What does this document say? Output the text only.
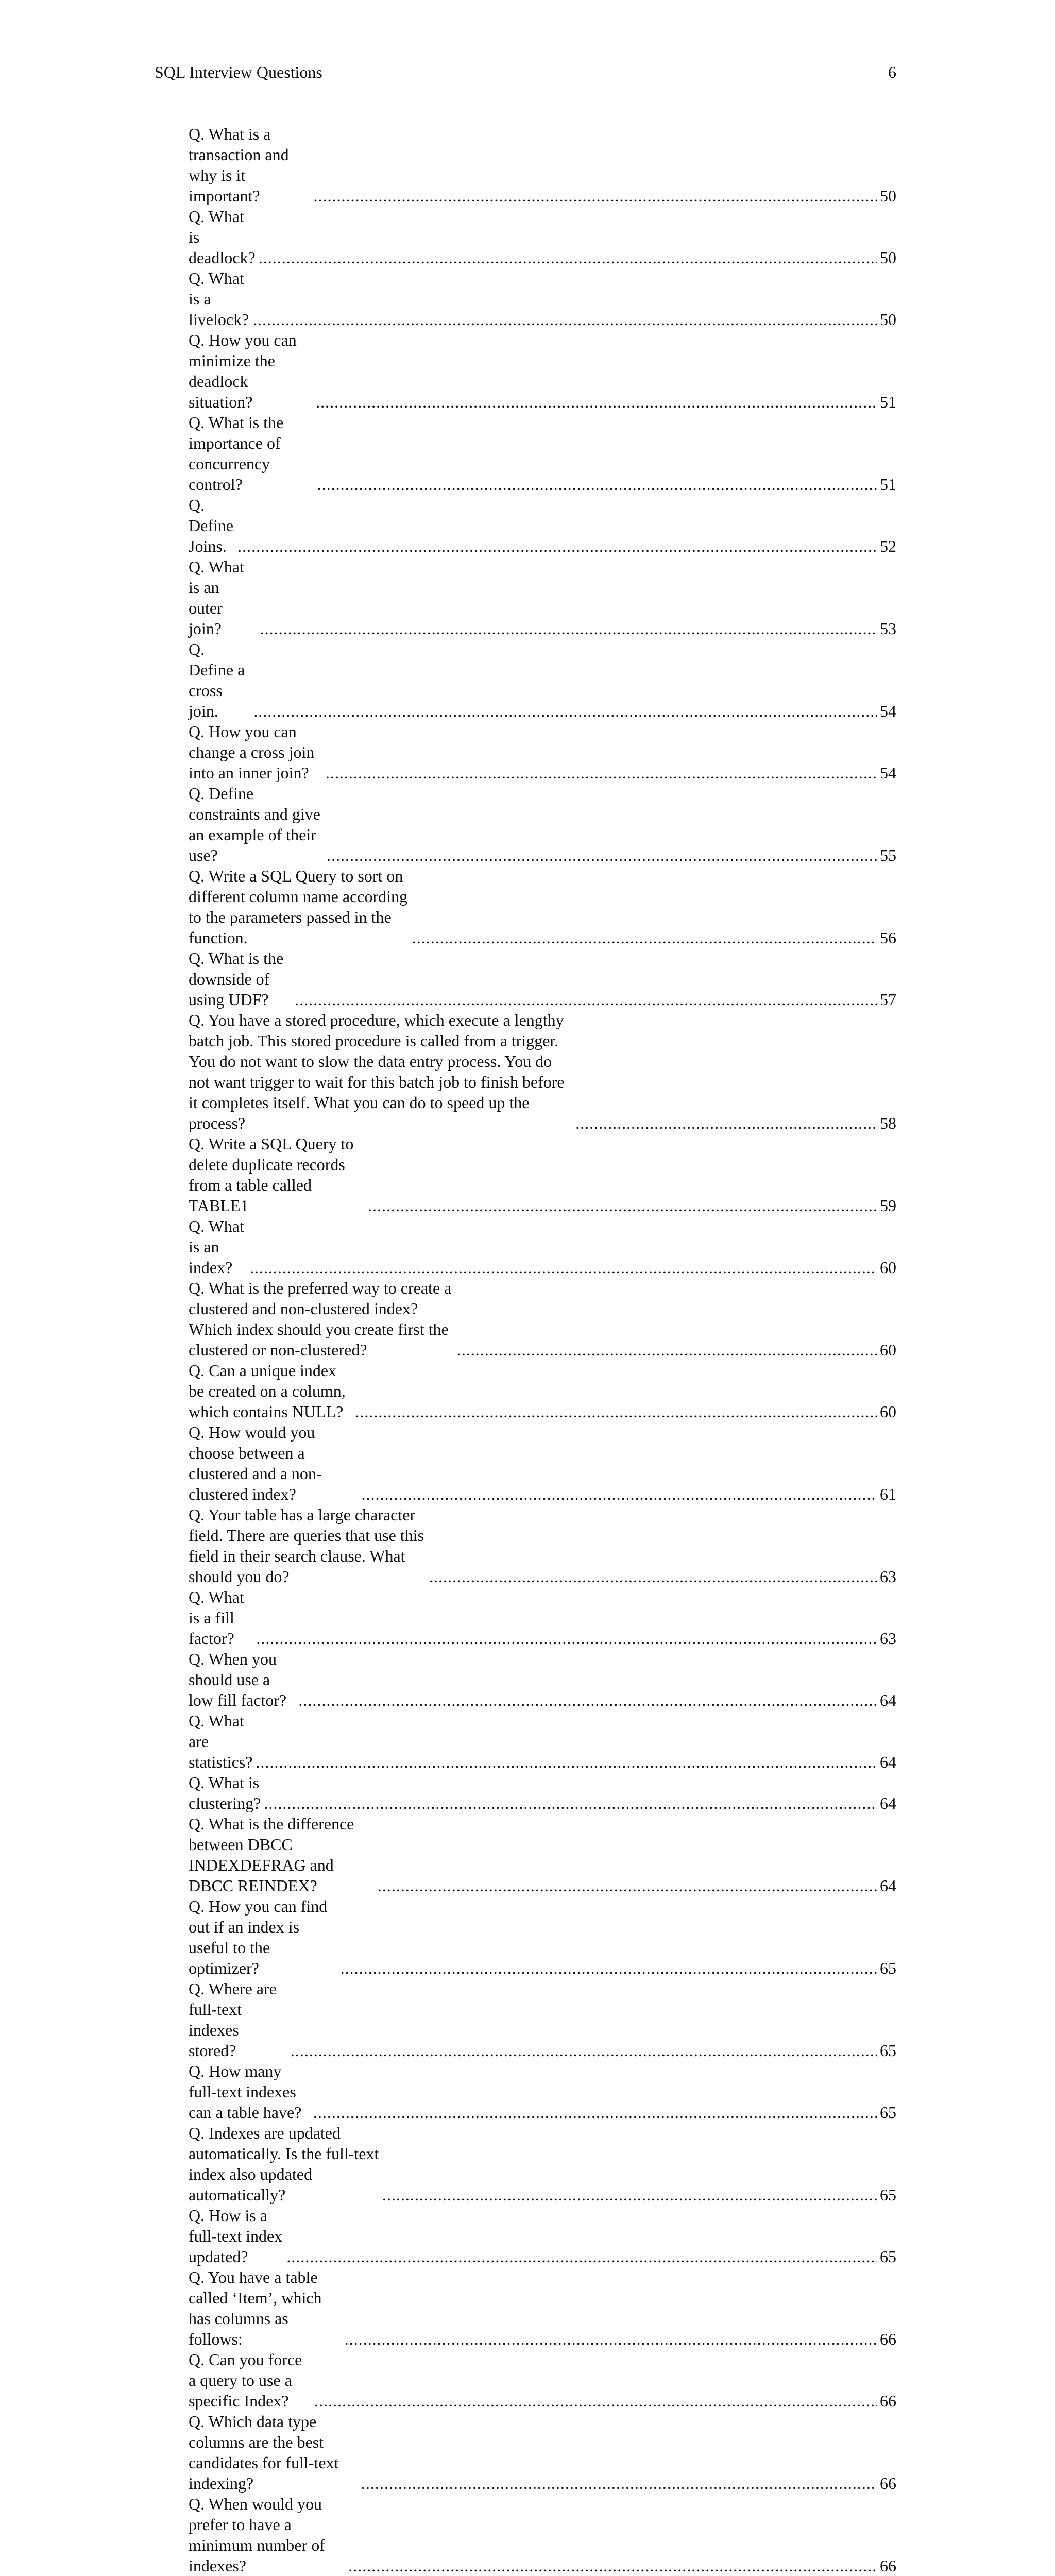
SQL Interview Questions	6
Q. What is a transaction and why is it important? .....	50
Q. What is deadlock? .....	50
Q. What is a livelock? .....	50
Q. How you can minimize the deadlock situation? .....	51
Q. What is the importance of concurrency control? .....	51
Q. Define Joins. .....	52
Q. What is an outer join? .....	53
Q. Define a cross join. .....	54
Q. How you can change a cross join into an inner join? .....	54
Q. Define constraints and give an example of their use? .....	55
Q. Write a SQL Query to sort on different column name according to the parameters passed in the function. .....	56
Q. What is the downside of using UDF? .....	57
Q. You have a stored procedure, which execute a lengthy batch job. This stored procedure is called from a trigger. You do not want to slow the data entry process. You do not want trigger to wait for this batch job to finish before it completes itself. What you can do to speed up the process? .....	58
Q. Write a SQL Query to delete duplicate records from a table called TABLE1 .....	59
Q. What is an index? .....	60
Q. What is the preferred way to create a clustered and non-clustered index? Which index should you create first the clustered or non-clustered? .....	60
Q. Can a unique index be created on a column, which contains NULL? .....	60
Q. How would you choose between a clustered and a non-clustered index? .....	61
Q. Your table has a large character field. There are queries that use this field in their search clause. What should you do? .....	63
Q. What is a fill factor? .....	63
Q. When you should use a low fill factor? .....	64
Q. What are statistics? .....	64
Q. What is clustering? .....	64
Q. What is the difference between DBCC INDEXDEFRAG and DBCC REINDEX? .....	64
Q. How you can find out if an index is useful to the optimizer? .....	65
Q. Where are full-text indexes stored? .....	65
Q. How many full-text indexes can a table have? .....	65
Q. Indexes are updated automatically. Is the full-text index also updated automatically? .....	65
Q. How is a full-text index updated? .....	65
Q. You have a table called ‘Item’, which has columns as follows: .....	66
Q. Can you force a query to use a specific Index? .....	66
Q. Which data type columns are the best candidates for full-text indexing? .....	66
Q. When would you prefer to have a minimum number of indexes? .....	66
